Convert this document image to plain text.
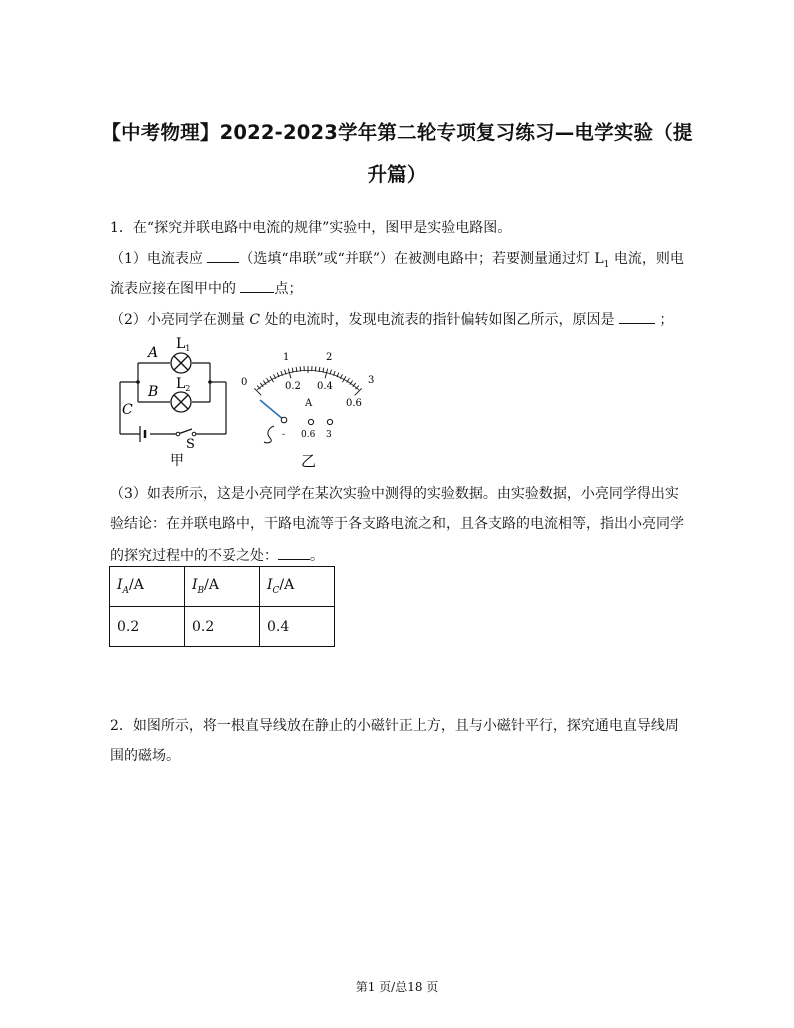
【中考物理】2022-2023学年第二轮专项复习练习—电学实验（提
升篇）
1．在“探究并联电路中电流的规律”实验中，图甲是实验电路图。
（1）电流表应 （选填“串联”或“并联”）在被测电路中；若要测量通过灯 $L_1$ 电流，则电
流表应接在图甲中的 点；
（2）小亮同学在测量 C 处的电流时，发现电流表的指针偏转如图乙所示，原因是	；
A
B
C
$L_1$
$L_2$
S
甲
0
1	2
3
0.2 0.4
0.6
A
- 0.6 3
乙
（3）如表所示，这是小亮同学在某次实验中测得的实验数据。由实验数据，小亮同学得出实
验结论：在并联电路中，干路电流等于各支路电流之和，且各支路的电流相等，指出小亮同学
的探究过程中的不妥之处： 。
$I_A/A$	$I_B/A$	$I_C/A$
0.2	0.2	0.4
2．如图所示，将一根直导线放在静止的小磁针正上方，且与小磁针平行，探究通电直导线周
围的磁场。
第1 页/总18 页
